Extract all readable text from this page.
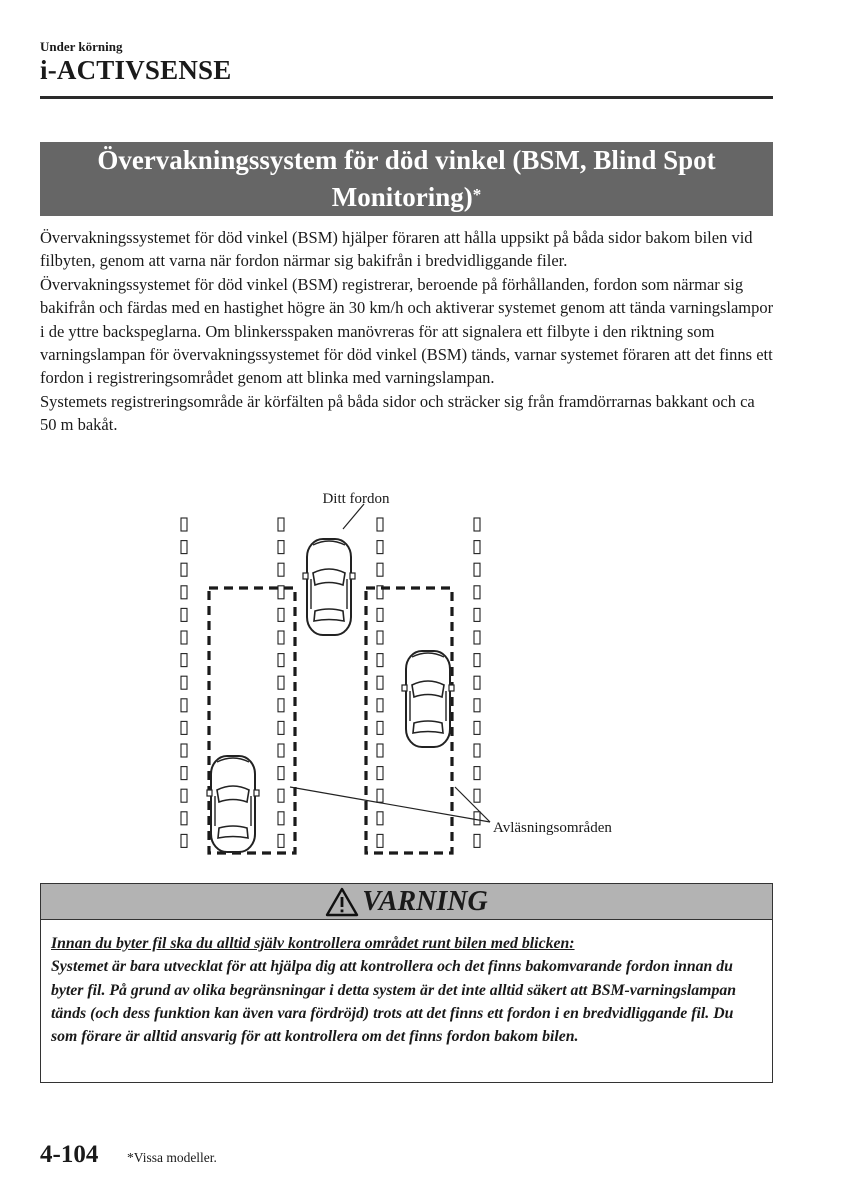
Under körning
i-ACTIVSENSE
Övervakningssystem för död vinkel (BSM, Blind Spot
Monitoring)*

Övervakningssystemet för död vinkel (BSM) hjälper föraren att hålla uppsikt på båda sidor bakom bilen vid filbyten, genom att varna när fordon närmar sig bakifrån i bredvidliggande filer.

Övervakningssystemet för död vinkel (BSM) registrerar, beroende på förhållanden, fordon som närmar sig bakifrån och färdas med en hastighet högre än 30 km/h och aktiverar systemet genom att tända varningslampor i de yttre backspeglarna. Om blinkersspaken manövreras för att signalera ett filbyte i den riktning som varningslampan för övervakningssystemet för död vinkel (BSM) tänds, varnar systemet föraren att det finns ett fordon i registreringsområdet genom att blinka med varningslampan.

Systemets registreringsområde är körfälten på båda sidor och sträcker sig från framdörrarnas bakkant och ca 50 m bakåt.

Ditt fordon
Avläsningsområden
VARNING

Innan du byter fil ska du alltid själv kontrollera området runt bilen med blicken:

Systemet är bara utvecklat för att hjälpa dig att kontrollera och det finns bakomvarande fordon innan du byter fil. På grund av olika begränsningar i detta system är det inte alltid säkert att BSM-varningslampan tänds (och dess funktion kan även vara fördröjd) trots att det finns ett fordon i en bredvidliggande fil. Du som förare är alltid ansvarig för att kontrollera om det finns fordon bakom bilen.

4-104 *Vissa modeller.
